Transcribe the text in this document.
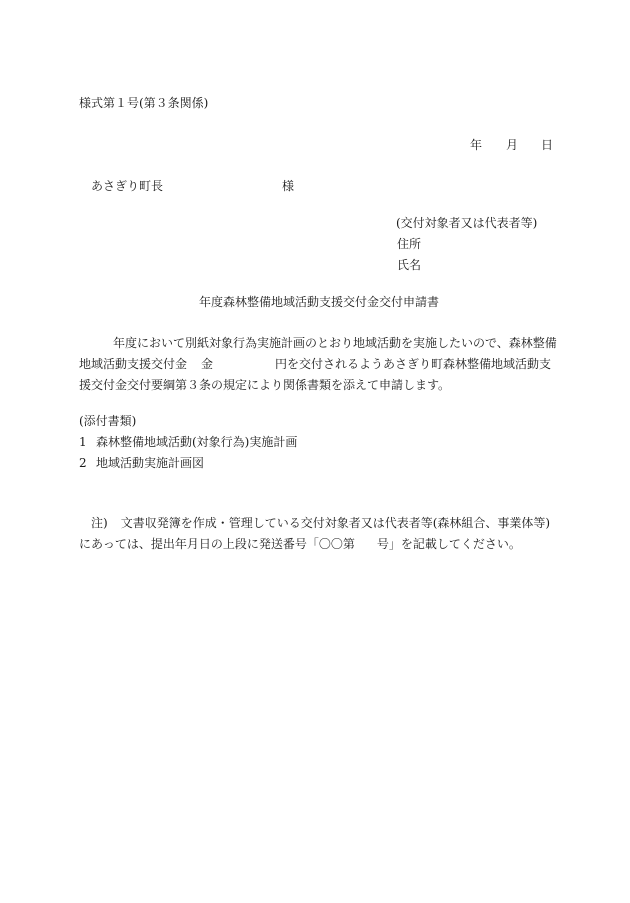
様式第１号(第３条関係)
年 月 日
あさぎり町長	様
(交付対象者又は代表者等)
住所
氏名
年度森林整備地域活動支援交付金交付申請書
年度において別紙対象行為実施計画のとおり地域活動を実施したいので、森林整備
地域活動支援交付金 金	円を交付されるようあさぎり町森林整備地域活動支
援交付金交付要綱第３条の規定により関係書類を添えて申請します。
(添付書類)
1 森林整備地域活動(対象行為)実施計画
2 地域活動実施計画図
注) 文書収発簿を作成・管理している交付対象者又は代表者等(森林組合、事業体等)
にあっては、提出年月日の上段に発送番号「〇〇第 号」を記載してください。
